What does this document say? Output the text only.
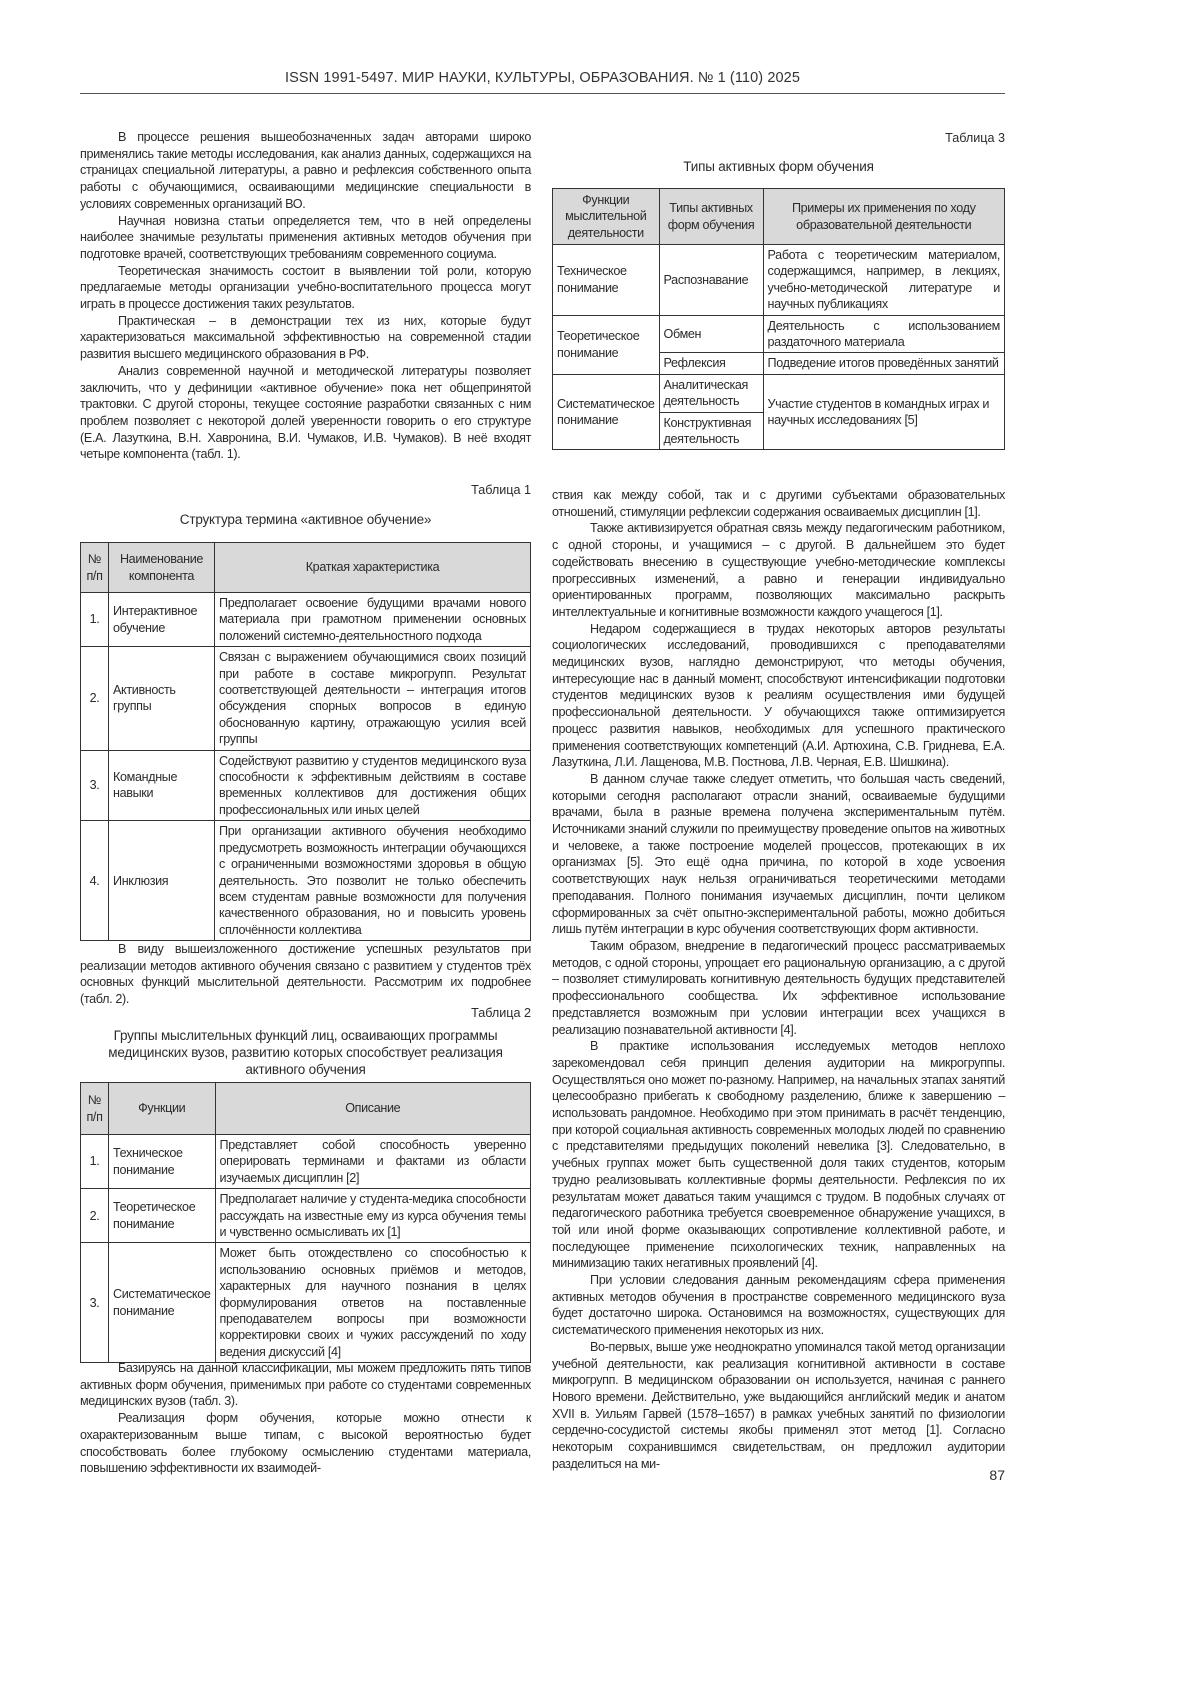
ISSN 1991-5497. МИР НАУКИ, КУЛЬТУРЫ, ОБРАЗОВАНИЯ. № 1 (110) 2025

В процессе решения вышеобозначенных задач авторами широко применялись такие методы исследования, как анализ данных, содержащихся на страницах специальной литературы, а равно и рефлексия собственного опыта работы с обучающимися, осваивающими медицинские специальности в условиях современных организаций ВО.

Научная новизна статьи определяется тем, что в ней определены наиболее значимые результаты применения активных методов обучения при подготовке врачей, соответствующих требованиям современного социума.

Теоретическая значимость состоит в выявлении той роли, которую предлагаемые методы организации учебно-воспитательного процесса могут играть в процессе достижения таких результатов.

Практическая – в демонстрации тех из них, которые будут характеризоваться максимальной эффективностью на современной стадии развития высшего медицинского образования в РФ.

Анализ современной научной и методической литературы позволяет заключить, что у дефиниции «активное обучение» пока нет общепринятой трактовки. С другой стороны, текущее состояние разработки связанных с ним проблем позволяет с некоторой долей уверенности говорить о его структуре (Е.А. Лазуткина, В.Н. Хавронина, В.И. Чумаков, И.В. Чумаков). В неё входят четыре компонента (табл. 1).

Таблица 1
Структура термина «активное обучение»
№ п/п	Наименование компонента	Краткая характеристика
1.	Интерактивное обучение	Предполагает освоение будущими врачами нового материала при грамотном применении основных положений системно-деятельностного подхода
2.	Активность группы	Связан с выражением обучающимися своих позиций при работе в составе микрогрупп. Результат соответствующей деятельности – интеграция итогов обсуждения спорных вопросов в единую обоснованную картину, отражающую усилия всей группы
3.	Командные навыки	Содействуют развитию у студентов медицинского вуза способности к эффективным действиям в составе временных коллективов для достижения общих профессиональных или иных целей
4.	Инклюзия	При организации активного обучения необходимо предусмотреть возможность интеграции обучающихся с ограниченными возможностями здоровья в общую деятельность. Это позволит не только обеспечить всем студентам равные возможности для получения качественного образования, но и повысить уровень сплочённости коллектива

В виду вышеизложенного достижение успешных результатов при реализации методов активного обучения связано с развитием у студентов трёх основных функций мыслительной деятельности. Рассмотрим их подробнее (табл. 2).

Таблица 2
Группы мыслительных функций лиц, осваивающих программы медицинских вузов, развитию которых способствует реализация активного обучения
№ п/п	Функции	Описание
1.	Техническое понимание	Представляет собой способность уверенно оперировать терминами и фактами из области изучаемых дисциплин [2]
2.	Теоретическое понимание	Предполагает наличие у студента-медика способности рассуждать на известные ему из курса обучения темы и чувственно осмысливать их [1]
3.	Систематическое понимание	Может быть отождествлено со способностью к использованию основных приёмов и методов, характерных для научного познания в целях формулирования ответов на поставленные преподавателем вопросы при возможности корректировки своих и чужих рассуждений по ходу ведения дискуссий [4]

Базируясь на данной классификации, мы можем предложить пять типов активных форм обучения, применимых при работе со студентами современных медицинских вузов (табл. 3).

Реализация форм обучения, которые можно отнести к охарактеризованным выше типам, с высокой вероятностью будет способствовать более глубокому осмыслению студентами материала, повышению эффективности их взаимодей-

Таблица 3
Типы активных форм обучения
Функции мыслительной деятельности	Типы активных форм обучения	Примеры их применения по ходу образовательной деятельности
Техническое понимание	Распознавание	Работа с теоретическим материалом, содержащимся, например, в лекциях, учебно-методической литературе и научных публикациях
Теоретическое понимание	Обмен	Деятельность с использованием раздаточного материала
Рефлексия	Подведение итогов проведённых занятий
Систематическое понимание	Аналитическая деятельность	Участие студентов в командных играх и научных исследованиях [5]
Конструктивная деятельность

ствия как между собой, так и с другими субъектами образовательных отношений, стимуляции рефлексии содержания осваиваемых дисциплин [1].

Также активизируется обратная связь между педагогическим работником, с одной стороны, и учащимися – с другой. В дальнейшем это будет содействовать внесению в существующие учебно-методические комплексы прогрессивных изменений, а равно и генерации индивидуально ориентированных программ, позволяющих максимально раскрыть интеллектуальные и когнитивные возможности каждого учащегося [1].

Недаром содержащиеся в трудах некоторых авторов результаты социологических исследований, проводившихся с преподавателями медицинских вузов, наглядно демонстрируют, что методы обучения, интересующие нас в данный момент, способствуют интенсификации подготовки студентов медицинских вузов к реалиям осуществления ими будущей профессиональной деятельности. У обучающихся также оптимизируется процесс развития навыков, необходимых для успешного практического применения соответствующих компетенций (А.И. Артюхина, С.В. Гриднева, Е.А. Лазуткина, Л.И. Лащенова, М.В. Постнова, Л.В. Черная, Е.В. Шишкина).

В данном случае также следует отметить, что большая часть сведений, которыми сегодня располагают отрасли знаний, осваиваемые будущими врачами, была в разные времена получена экспериментальным путём. Источниками знаний служили по преимуществу проведение опытов на животных и человеке, а также построение моделей процессов, протекающих в их организмах [5]. Это ещё одна причина, по которой в ходе усвоения соответствующих наук нельзя ограничиваться теоретическими методами преподавания. Полного понимания изучаемых дисциплин, почти целиком сформированных за счёт опытно-экспериментальной работы, можно добиться лишь путём интеграции в курс обучения соответствующих форм активности.

Таким образом, внедрение в педагогический процесс рассматриваемых методов, с одной стороны, упрощает его рациональную организацию, а с другой – позволяет стимулировать когнитивную деятельность будущих представителей профессионального сообщества. Их эффективное использование представляется возможным при условии интеграции всех учащихся в реализацию познавательной активности [4].

В практике использования исследуемых методов неплохо зарекомендовал себя принцип деления аудитории на микрогруппы. Осуществляться оно может по-разному. Например, на начальных этапах занятий целесообразно прибегать к свободному разделению, ближе к завершению – использовать рандомное. Необходимо при этом принимать в расчёт тенденцию, при которой социальная активность современных молодых людей по сравнению с представителями предыдущих поколений невелика [3]. Следовательно, в учебных группах может быть существенной доля таких студентов, которым трудно реализовывать коллективные формы деятельности. Рефлексия по их результатам может даваться таким учащимся с трудом. В подобных случаях от педагогического работника требуется своевременное обнаружение учащихся, в той или иной форме оказывающих сопротивление коллективной работе, и последующее применение психологических техник, направленных на минимизацию таких негативных проявлений [4].

При условии следования данным рекомендациям сфера применения активных методов обучения в пространстве современного медицинского вуза будет достаточно широка. Остановимся на возможностях, существующих для систематического применения некоторых из них.

Во-первых, выше уже неоднократно упоминался такой метод организации учебной деятельности, как реализация когнитивной активности в составе микрогрупп. В медицинском образовании он используется, начиная с раннего Нового времени. Действительно, уже выдающийся английский медик и анатом XVII в. Уильям Гарвей (1578–1657) в рамках учебных занятий по физиологии сердечно-сосудистой системы якобы применял этот метод [1]. Согласно некоторым сохранившимся свидетельствам, он предложил аудитории разделиться на ми-

87
